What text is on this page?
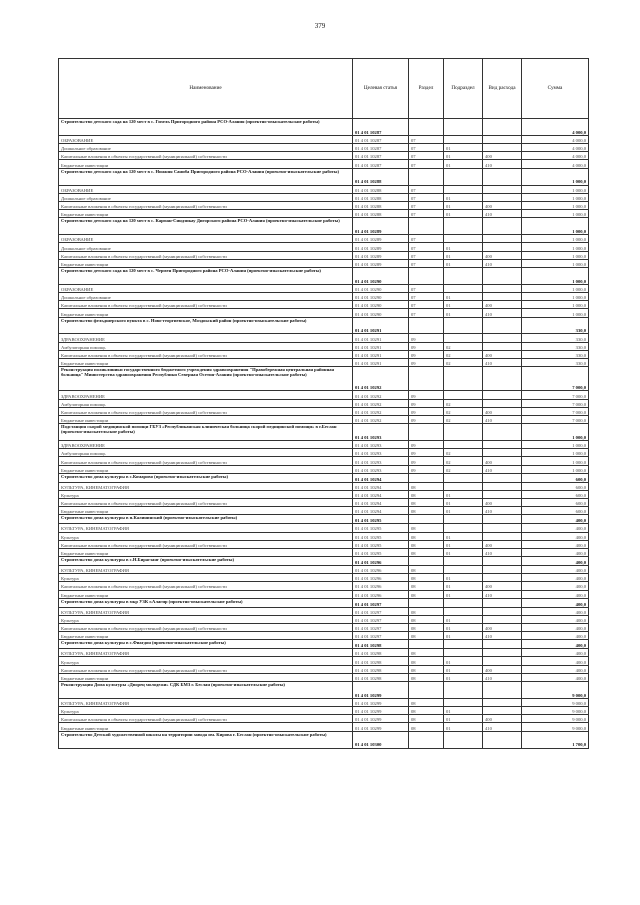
379
Наименование	Целевая статья	Раздел	Подраздел	Вид расхода	Сумма
Строительство детского сада на 120 мест в с. Гизель Пригородного района РСО-Алания (проектно-изыскательские работы)	01 4 01 10287				4 000,0
ОБРАЗОВАНИЕ	01 4 01 10287	07			4 000,0
Дошкольное образование	01 4 01 10287	07	01		4 000,0
Капитальные вложения в объекты государственной (муниципальной) собственности	01 4 01 10287	07	01	400	4 000,0
Бюджетные инвестиции	01 4 01 10287	07	01	410	4 000,0
Строительство детского сада на 120 мест в с. Нижняя Саниба Пригородного района РСО-Алания (проектно-изыскательские работы)	01 4 01 10288				1 000,0
ОБРАЗОВАНИЕ	01 4 01 10288	07			1 000,0
Дошкольное образование	01 4 01 10288	07	01		1 000,0
Капитальные вложения в объекты государственной (муниципальной) собственности	01 4 01 10288	07	01	400	1 000,0
Бюджетные инвестиции	01 4 01 10288	07	01	410	1 000,0
Строительство детского сада на 120 мест в с. Карман-Синдзикау Дигорского района РСО-Алания (проектно-изыскательские работы)	01 4 01 10289				1 000,0
ОБРАЗОВАНИЕ	01 4 01 10289	07			1 000,0
Дошкольное образование	01 4 01 10289	07	01		1 000,0
Капитальные вложения в объекты государственной (муниципальной) собственности	01 4 01 10289	07	01	400	1 000,0
Бюджетные инвестиции	01 4 01 10289	07	01	410	1 000,0
Строительство детского сада на 120 мест в с. Чермен Пригородного района РСО-Алания (проектно-изыскательские работы)	01 4 01 10290				1 000,0
ОБРАЗОВАНИЕ	01 4 01 10290	07			1 000,0
Дошкольное образование	01 4 01 10290	07	01		1 000,0
Капитальные вложения в объекты государственной (муниципальной) собственности	01 4 01 10290	07	01	400	1 000,0
Бюджетные инвестиции	01 4 01 10290	07	01	410	1 000,0
Строительство фельдшерского пункта в с. Ново-георгиевское, Моздокский район (проектно-изыскательские работы)	01 4 01 10291				330,0
ЗДРАВООХРАНЕНИЕ	01 4 01 10291	09			330,0
Амбулаторная помощь	01 4 01 10291	09	02		330,0
Капитальные вложения в объекты государственной (муниципальной) собственности	01 4 01 10291	09	02	400	330,0
Бюджетные инвестиции	01 4 01 10291	09	02	410	330,0
Реконструкция поликлиники государственного бюджетного учреждения здравоохранения "Правобережная центральная районная больница" Министерства здравоохранения Республики Северная Осетия-Алания (проектно-изыскательские работы)	01 4 01 10292				7 000,0
ЗДРАВООХРАНЕНИЕ	01 4 01 10292	09			7 000,0
Амбулаторная помощь	01 4 01 10292	09	02		7 000,0
Капитальные вложения в объекты государственной (муниципальной) собственности	01 4 01 10292	09	02	400	7 000,0
Бюджетные инвестиции	01 4 01 10292	09	02	410	7 000,0
Подстанция скорой медицинской помощи ГБУЗ «Республиканская клиническая больница скорой медицинской помощи» в г.Беслан (проектно-изыскательские работы)	01 4 01 10293				1 000,0
ЗДРАВООХРАНЕНИЕ	01 4 01 10293	09			1 000,0
Амбулаторная помощь	01 4 01 10293	09	02		1 000,0
Капитальные вложения в объекты государственной (муниципальной) собственности	01 4 01 10293	09	02	400	1 000,0
Бюджетные инвестиции	01 4 01 10293	09	02	410	1 000,0
Строительство дома культуры в с.Комарово (проектно-изыскательские работы)	01 4 01 10294				600,0
КУЛЬТУРА, КИНЕМАТОГРАФИЯ	01 4 01 10294	08			600,0
Культура	01 4 01 10294	08	01		600,0
Капитальные вложения в объекты государственной (муниципальной) собственности	01 4 01 10294	08	01	400	600,0
Бюджетные инвестиции	01 4 01 10294	08	01	410	600,0
Строительство дома культуры в п.Калининский (проектно-изыскательские работы)	01 4 01 10295				400,0
КУЛЬТУРА, КИНЕМАТОГРАФИЯ	01 4 01 10295	08			400,0
Культура	01 4 01 10295	08	01		400,0
Капитальные вложения в объекты государственной (муниципальной) собственности	01 4 01 10295	08	01	400	400,0
Бюджетные инвестиции	01 4 01 10295	08	01	410	400,0
Строительство дома культуры в с.Н.Бирагзанг (проектно-изыскательские работы)	01 4 01 10296				400,0
КУЛЬТУРА, КИНЕМАТОГРАФИЯ	01 4 01 10296	08			400,0
Культура	01 4 01 10296	08	01		400,0
Капитальные вложения в объекты государственной (муниципальной) собственности	01 4 01 10296	08	01	400	400,0
Бюджетные инвестиции	01 4 01 10296	08	01	410	400,0
Строительство дома культуры в мкр УЗК г.Алагир (проектно-изыскательские работы)	01 4 01 10297				400,0
КУЛЬТУРА, КИНЕМАТОГРАФИЯ	01 4 01 10297	08			400,0
Культура	01 4 01 10297	08	01		400,0
Капитальные вложения в объекты государственной (муниципальной) собственности	01 4 01 10297	08	01	400	400,0
Бюджетные инвестиции	01 4 01 10297	08	01	410	400,0
Строительство дома культуры в с.Фиагдон (проектно-изыскательские работы)	01 4 01 10298				400,0
КУЛЬТУРА, КИНЕМАТОГРАФИЯ	01 4 01 10298	08			400,0
Культура	01 4 01 10298	08	01		400,0
Капитальные вложения в объекты государственной (муниципальной) собственности	01 4 01 10298	08	01	400	400,0
Бюджетные инвестиции	01 4 01 10298	08	01	410	400,0
Реконструкция Дома культуры «Дворец молодежи» СДК БМЗ г. Беслан (проектно-изыскательские работы)	01 4 01 10299				9 000,0
КУЛЬТУРА, КИНЕМАТОГРАФИЯ	01 4 01 10299	08			9 000,0
Культура	01 4 01 10299	08	01		9 000,0
Капитальные вложения в объекты государственной (муниципальной) собственности	01 4 01 10299	08	01	400	9 000,0
Бюджетные инвестиции	01 4 01 10299	08	01	410	9 000,0
Строительство Детской художественной школы на территории завода им. Кирова г. Беслан (проектно-изыскательские работы)	01 4 01 10300				1 700,0
